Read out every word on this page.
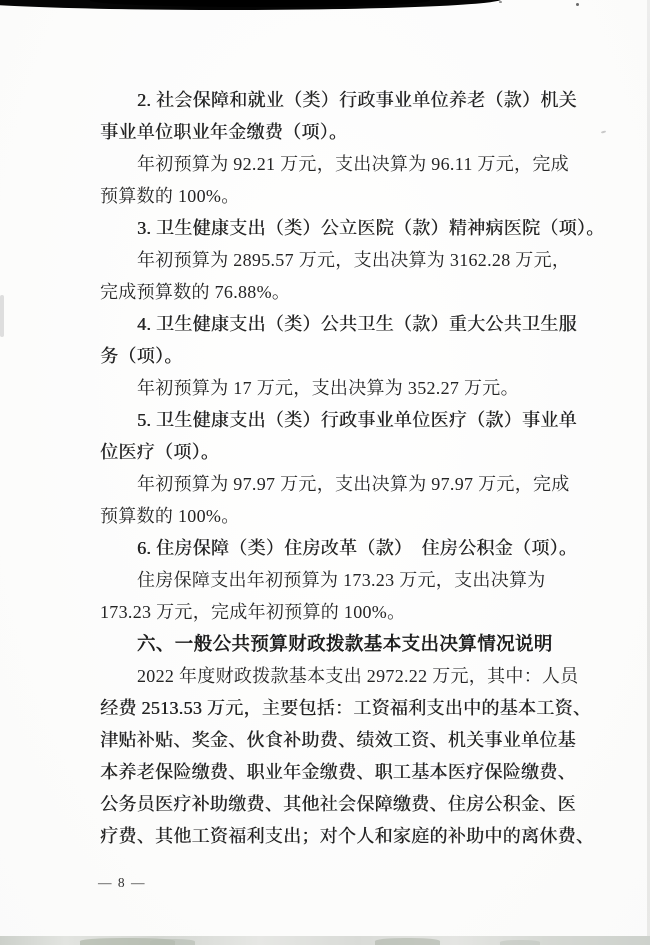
2. 社会保障和就业（类）行政事业单位养老（款）机关
事业单位职业年金缴费（项）。
年初预算为 92.21 万元，支出决算为 96.11 万元，完成
预算数的 100%。
3. 卫生健康支出（类）公立医院（款）精神病医院（项）。
年初预算为 2895.57 万元，支出决算为 3162.28 万元，
完成预算数的 76.88%。
4. 卫生健康支出（类）公共卫生（款）重大公共卫生服
务（项）。
年初预算为 17 万元，支出决算为 352.27 万元。
5. 卫生健康支出（类）行政事业单位医疗（款）事业单
位医疗（项）。
年初预算为 97.97 万元，支出决算为 97.97 万元，完成
预算数的 100%。
6. 住房保障（类）住房改革（款）　住房公积金（项）。
住房保障支出年初预算为 173.23 万元，支出决算为
173.23 万元，完成年初预算的 100%。
六、一般公共预算财政拨款基本支出决算情况说明
2022 年度财政拨款基本支出 2972.22 万元，其中：人员
经费 2513.53 万元，主要包括：工资福利支出中的基本工资、
津贴补贴、奖金、伙食补助费、绩效工资、机关事业单位基
本养老保险缴费、职业年金缴费、职工基本医疗保险缴费、
公务员医疗补助缴费、其他社会保障缴费、住房公积金、医
疗费、其他工资福利支出；对个人和家庭的补助中的离休费、
— 8 —
